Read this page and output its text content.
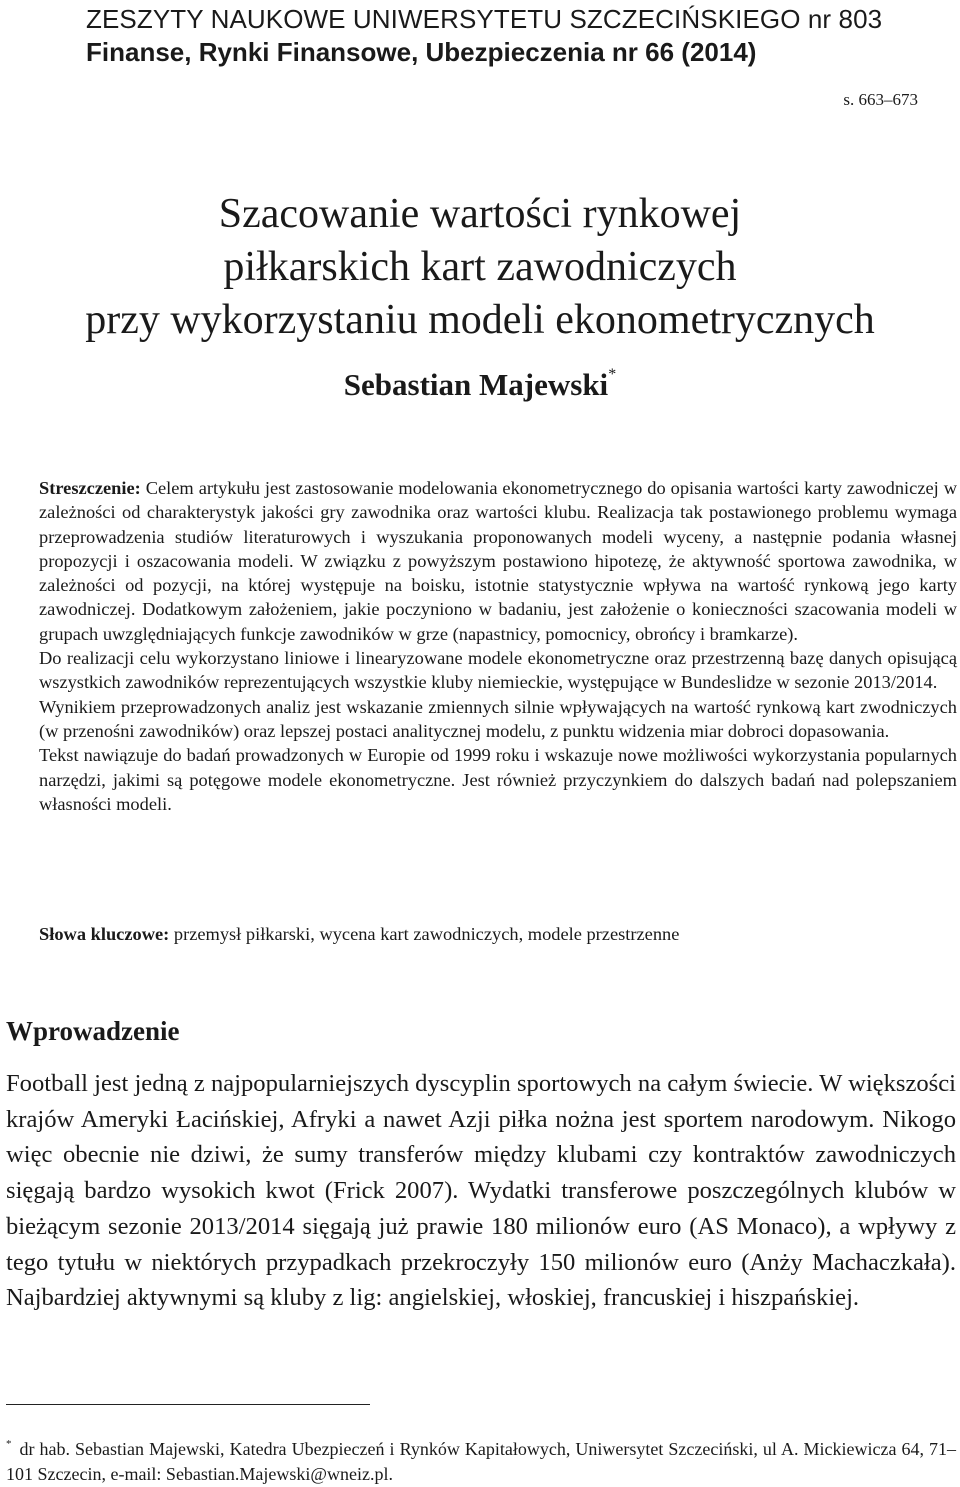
ZESZYTY NAUKOWE UNIWERSYTETU SZCZECIŃSKIEGO nr 803
Finanse, Rynki Finansowe, Ubezpieczenia nr 66 (2014)
s. 663–673
Szacowanie wartości rynkowej
piłkarskich kart zawodniczych
przy wykorzystaniu modeli ekonometrycznych
Sebastian Majewski*

Streszczenie: Celem artykułu jest zastosowanie modelowania ekonometrycznego do opisania wartości karty zawodniczej w zależności od charakterystyk jakości gry zawodnika oraz wartości klubu. Realizacja tak postawionego problemu wymaga przeprowadzenia studiów literaturowych i wyszukania proponowanych modeli wyceny, a następnie podania własnej propozycji i oszacowania modeli. W związku z powyższym postawiono hipotezę, że aktywność sportowa zawodnika, w zależności od pozycji, na której występuje na boisku, istotnie statystycznie wpływa na wartość rynkową jego karty zawodniczej. Dodatkowym założeniem, jakie poczyniono w badaniu, jest założenie o konieczności szacowania modeli w grupach uwzględniających funkcje zawodników w grze (napastnicy, pomocnicy, obrońcy i bramkarze).

Do realizacji celu wykorzystano liniowe i linearyzowane modele ekonometryczne oraz przestrzenną bazę danych opisującą wszystkich zawodników reprezentujących wszystkie kluby niemieckie, występujące w Bundeslidze w sezonie 2013/2014.

Wynikiem przeprowadzonych analiz jest wskazanie zmiennych silnie wpływających na wartość rynkową kart zwodniczych (w przenośni zawodników) oraz lepszej postaci analitycznej modelu, z punktu widzenia miar dobroci dopasowania.

Tekst nawiązuje do badań prowadzonych w Europie od 1999 roku i wskazuje nowe możliwości wykorzystania popularnych narzędzi, jakimi są potęgowe modele ekonometryczne. Jest również przyczynkiem do dalszych badań nad polepszaniem własności modeli.

Słowa kluczowe: przemysł piłkarski, wycena kart zawodniczych, modele przestrzenne
Wprowadzenie

Football jest jedną z najpopularniejszych dyscyplin sportowych na całym świecie. W większości krajów Ameryki Łacińskiej, Afryki a nawet Azji piłka nożna jest sportem narodowym. Nikogo więc obecnie nie dziwi, że sumy transferów między klubami czy kontraktów zawodniczych sięgają bardzo wysokich kwot (Frick 2007). Wydatki transferowe poszczególnych klubów w bieżącym sezonie 2013/2014 sięgają już prawie 180 milionów euro (AS Monaco), a wpływy z tego tytułu w niektórych przypadkach przekroczyły 150 milionów euro (Anży Machaczkała). Najbardziej aktywnymi są kluby z lig: angielskiej, włoskiej, francuskiej i hiszpańskiej.

* dr hab. Sebastian Majewski, Katedra Ubezpieczeń i Rynków Kapitałowych, Uniwersytet Szczeciński, ul A. Mickiewicza 64, 71–101 Szczecin, e-mail: Sebastian.Majewski@wneiz.pl.
